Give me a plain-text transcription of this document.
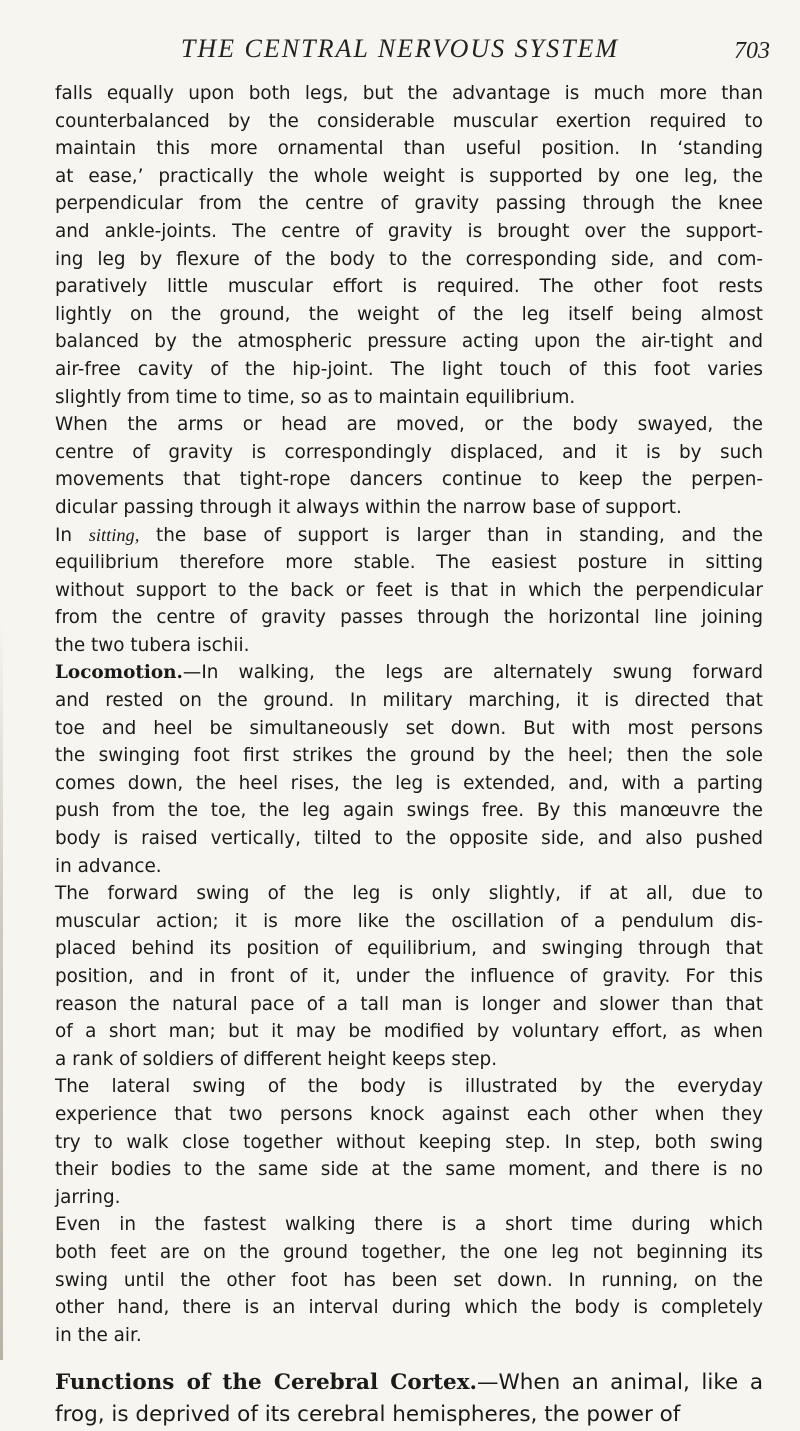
THE CENTRAL NERVOUS SYSTEM	703
falls equally upon both legs, but the advantage is much more than
counterbalanced by the considerable muscular exertion required to
maintain this more ornamental than useful position. In ‘standing
at ease,’ practically the whole weight is supported by one leg, the
perpendicular from the centre of gravity passing through the knee
and ankle-joints. The centre of gravity is brought over the support-
ing leg by flexure of the body to the corresponding side, and com-
paratively little muscular effort is required. The other foot rests
lightly on the ground, the weight of the leg itself being almost
balanced by the atmospheric pressure acting upon the air-tight and
air-free cavity of the hip-joint. The light touch of this foot varies
slightly from time to time, so as to maintain equilibrium.
When the arms or head are moved, or the body swayed, the
centre of gravity is correspondingly displaced, and it is by such
movements that tight-rope dancers continue to keep the perpen-
dicular passing through it always within the narrow base of support.
In sitting, the base of support is larger than in standing, and the
equilibrium therefore more stable. The easiest posture in sitting
without support to the back or feet is that in which the perpendicular
from the centre of gravity passes through the horizontal line joining
the two tubera ischii.
Locomotion.—In walking, the legs are alternately swung forward
and rested on the ground. In military marching, it is directed that
toe and heel be simultaneously set down. But with most persons
the swinging foot first strikes the ground by the heel; then the sole
comes down, the heel rises, the leg is extended, and, with a parting
push from the toe, the leg again swings free. By this manœuvre the
body is raised vertically, tilted to the opposite side, and also pushed
in advance.
The forward swing of the leg is only slightly, if at all, due to
muscular action; it is more like the oscillation of a pendulum dis-
placed behind its position of equilibrium, and swinging through that
position, and in front of it, under the influence of gravity. For this
reason the natural pace of a tall man is longer and slower than that
of a short man; but it may be modified by voluntary effort, as when
a rank of soldiers of different height keeps step.
The lateral swing of the body is illustrated by the everyday
experience that two persons knock against each other when they
try to walk close together without keeping step. In step, both swing
their bodies to the same side at the same moment, and there is no
jarring.
Even in the fastest walking there is a short time during which
both feet are on the ground together, the one leg not beginning its
swing until the other foot has been set down. In running, on the
other hand, there is an interval during which the body is completely
in the air.
Functions of the Cerebral Cortex.—When an animal, like a
frog, is deprived of its cerebral hemispheres, the power of
